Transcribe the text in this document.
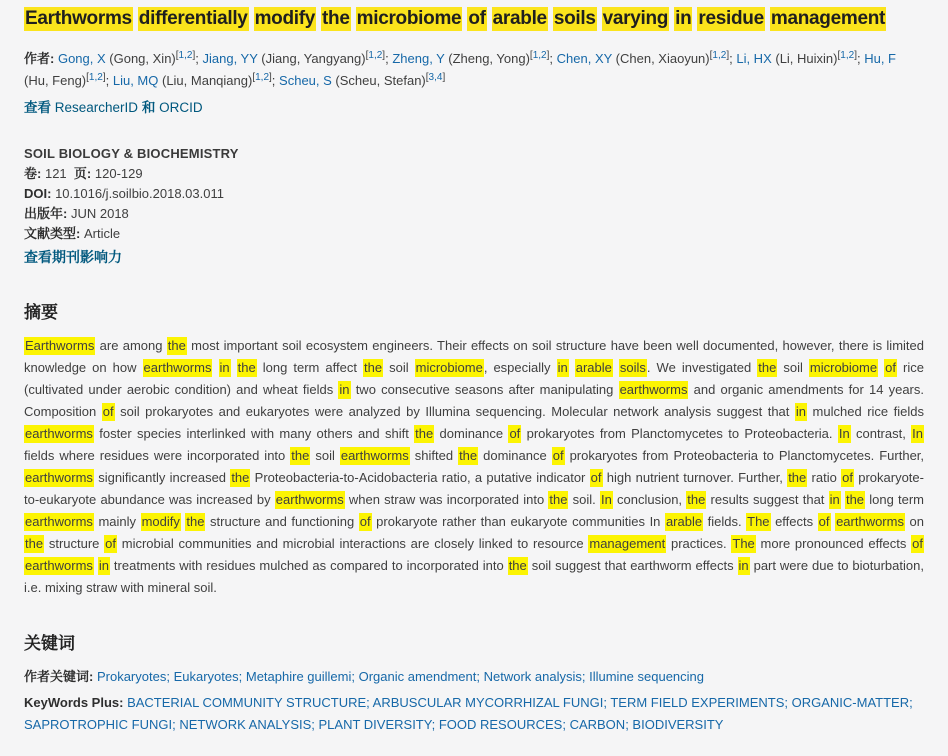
Earthworms differentially modify the microbiome of arable soils varying in residue management
作者: Gong, X (Gong, Xin)[1,2]; Jiang, YY (Jiang, Yangyang)[1,2]; Zheng, Y (Zheng, Yong)[1,2]; Chen, XY (Chen, Xiaoyun)[1,2]; Li, HX (Li, Huixin)[1,2]; Hu, F (Hu, Feng)[1,2]; Liu, MQ (Liu, Manqiang)[1,2]; Scheu, S (Scheu, Stefan)[3,4]
查看 ResearcherID 和 ORCID
SOIL BIOLOGY & BIOCHEMISTRY
卷: 121 页: 120-129
DOI: 10.1016/j.soilbio.2018.03.011
出版年: JUN 2018
文献类型: Article
查看期刊影响力
摘要

Earthworms are among the most important soil ecosystem engineers. Their effects on soil structure have been well documented, however, there is limited knowledge on how earthworms in the long term affect the soil microbiome, especially in arable soils. We investigated the soil microbiome of rice (cultivated under aerobic condition) and wheat fields in two consecutive seasons after manipulating earthworms and organic amendments for 14 years. Composition of soil prokaryotes and eukaryotes were analyzed by Illumina sequencing. Molecular network analysis suggest that in mulched rice fields earthworms foster species interlinked with many others and shift the dominance of prokaryotes from Planctomycetes to Proteobacteria. In contrast, In fields where residues were incorporated into the soil earthworms shifted the dominance of prokaryotes from Proteobacteria to Planctomycetes. Further, earthworms significantly increased the Proteobacteria-to-Acidobacteria ratio, a putative indicator of high nutrient turnover. Further, the ratio of prokaryote-to-eukaryote abundance was increased by earthworms when straw was incorporated into the soil. In conclusion, the results suggest that in the long term earthworms mainly modify the structure and functioning of prokaryote rather than eukaryote communities In arable fields. The effects of earthworms on the structure of microbial communities and microbial interactions are closely linked to resource management practices. The more pronounced effects of earthworms in treatments with residues mulched as compared to incorporated into the soil suggest that earthworm effects in part were due to bioturbation, i.e. mixing straw with mineral soil.

关键词
作者关键词: Prokaryotes; Eukaryotes; Metaphire guillemi; Organic amendment; Network analysis; Illumine sequencing
KeyWords Plus: BACTERIAL COMMUNITY STRUCTURE; ARBUSCULAR MYCORRHIZAL FUNGI; TERM FIELD EXPERIMENTS; ORGANIC-MATTER; SAPROTROPHIC FUNGI; NETWORK ANALYSIS; PLANT DIVERSITY; FOOD RESOURCES; CARBON; BIODIVERSITY
